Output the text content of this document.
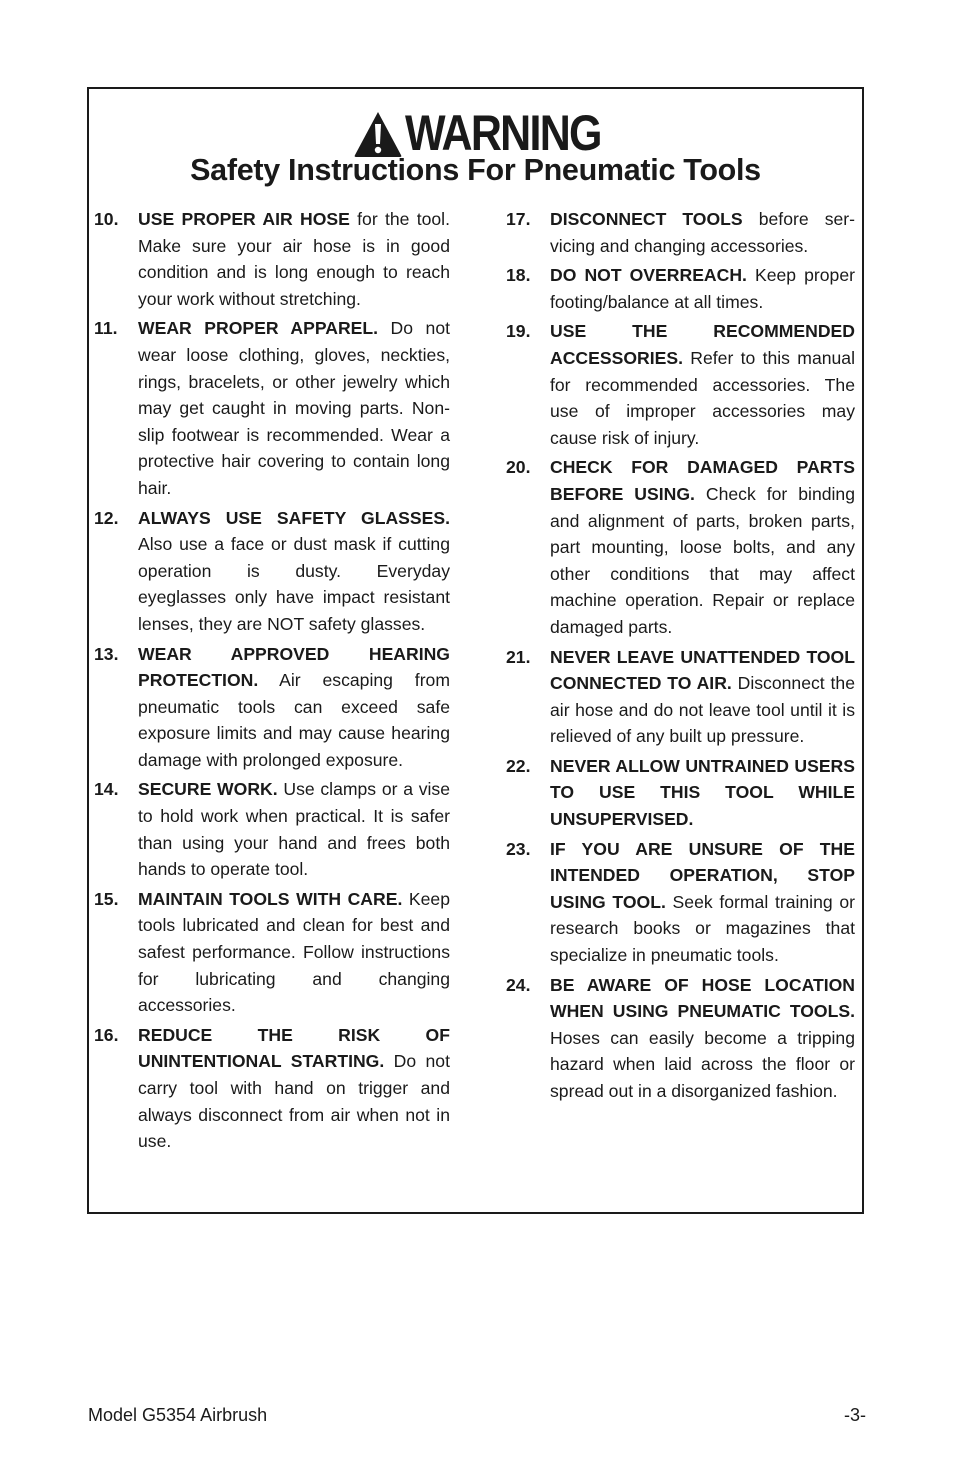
WARNING
Safety Instructions For Pneumatic Tools
10.	USE PROPER AIR HOSE for the tool. Make sure your air hose is in good condition and is long enough to reach your work without stretching.
11.	WEAR PROPER APPAREL. Do not wear loose clothing, gloves, neckties, rings, bracelets, or other jewelry which may get caught in moving parts. Non-slip footwear is recommended. Wear a protective hair covering to contain long hair.
12.	ALWAYS USE SAFETY GLASSES. Also use a face or dust mask if cutting operation is dusty. Everyday eyeglasses only have impact resistant lenses, they are NOT safety glasses.
13.	WEAR APPROVED HEARING PROTECTION. Air escaping from pneumatic tools can exceed safe exposure limits and may cause hearing damage with prolonged exposure.
14.	SECURE WORK. Use clamps or a vise to hold work when practical. It is safer than using your hand and frees both hands to operate tool.
15.	MAINTAIN TOOLS WITH CARE. Keep tools lubricated and clean for best and safest performance. Follow instructions for lubricating and changing accessories.
16.	REDUCE THE RISK OF UNINTENTIONAL STARTING. Do not carry tool with hand on trigger and always disconnect from air when not in use.
17.	DISCONNECT TOOLS before servicing and changing accessories.
18.	DO NOT OVERREACH. Keep proper footing/balance at all times.
19.	USE THE RECOMMENDED ACCESSORIES. Refer to this manual for recommended accessories. The use of improper accessories may cause risk of injury.
20.	CHECK FOR DAMAGED PARTS BEFORE USING. Check for binding and alignment of parts, broken parts, part mounting, loose bolts, and any other conditions that may affect machine operation. Repair or replace damaged parts.
21.	NEVER LEAVE UNATTENDED TOOL CONNECTED TO AIR. Disconnect the air hose and do not leave tool until it is relieved of any built up pressure.
22.	NEVER ALLOW UNTRAINED USERS TO USE THIS TOOL WHILE UNSUPERVISED.
23.	IF YOU ARE UNSURE OF THE INTENDED OPERATION, STOP USING TOOL. Seek formal training or research books or magazines that specialize in pneumatic tools.
24.	BE AWARE OF HOSE LOCATION WHEN USING PNEUMATIC TOOLS. Hoses can easily become a tripping hazard when laid across the floor or spread out in a disorganized fashion.
Model G5354 Airbrush	-3-
